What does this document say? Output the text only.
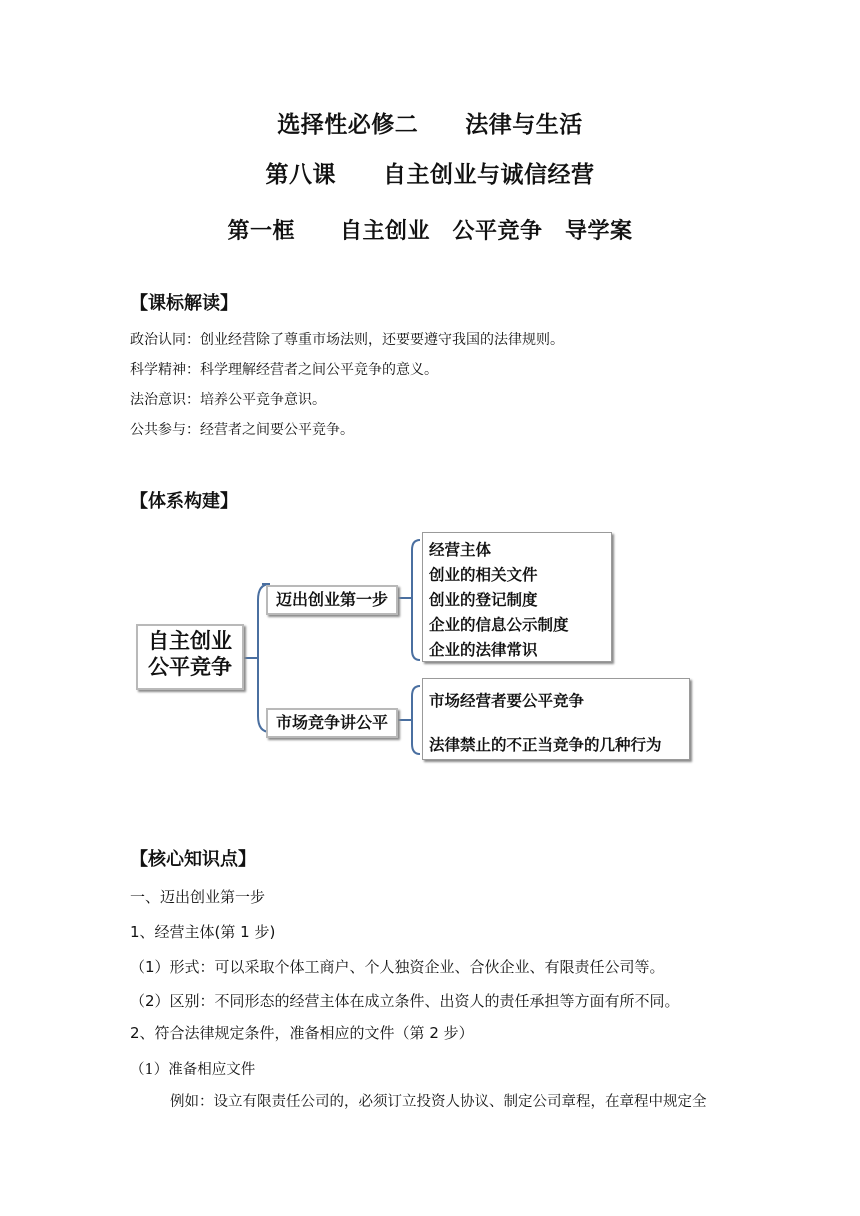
选择性必修二　　法律与生活
第八课　　自主创业与诚信经营
第一框　　自主创业　公平竞争　导学案
【课标解读】
政治认同：创业经营除了尊重市场法则，还要要遵守我国的法律规则。
科学精神：科学理解经营者之间公平竞争的意义。
法治意识：培养公平竞争意识。
公共参与：经营者之间要公平竞争。
【体系构建】
自主创业
公平竞争
迈出创业第一步
市场竞争讲公平
经营主体
创业的相关文件
创业的登记制度
企业的信息公示制度
企业的法律常识
市场经营者要公平竞争
法律禁止的不正当竞争的几种行为
【核心知识点】
一、迈出创业第一步
1、经营主体(第 1 步)
（1）形式：可以采取个体工商户、个人独资企业、合伙企业、有限责任公司等。
（2）区别：不同形态的经营主体在成立条件、出资人的责任承担等方面有所不同。
2、符合法律规定条件，准备相应的文件（第 2 步）
（1）准备相应文件
例如：设立有限责任公司的，必须订立投资人协议、制定公司章程，在章程中规定全
